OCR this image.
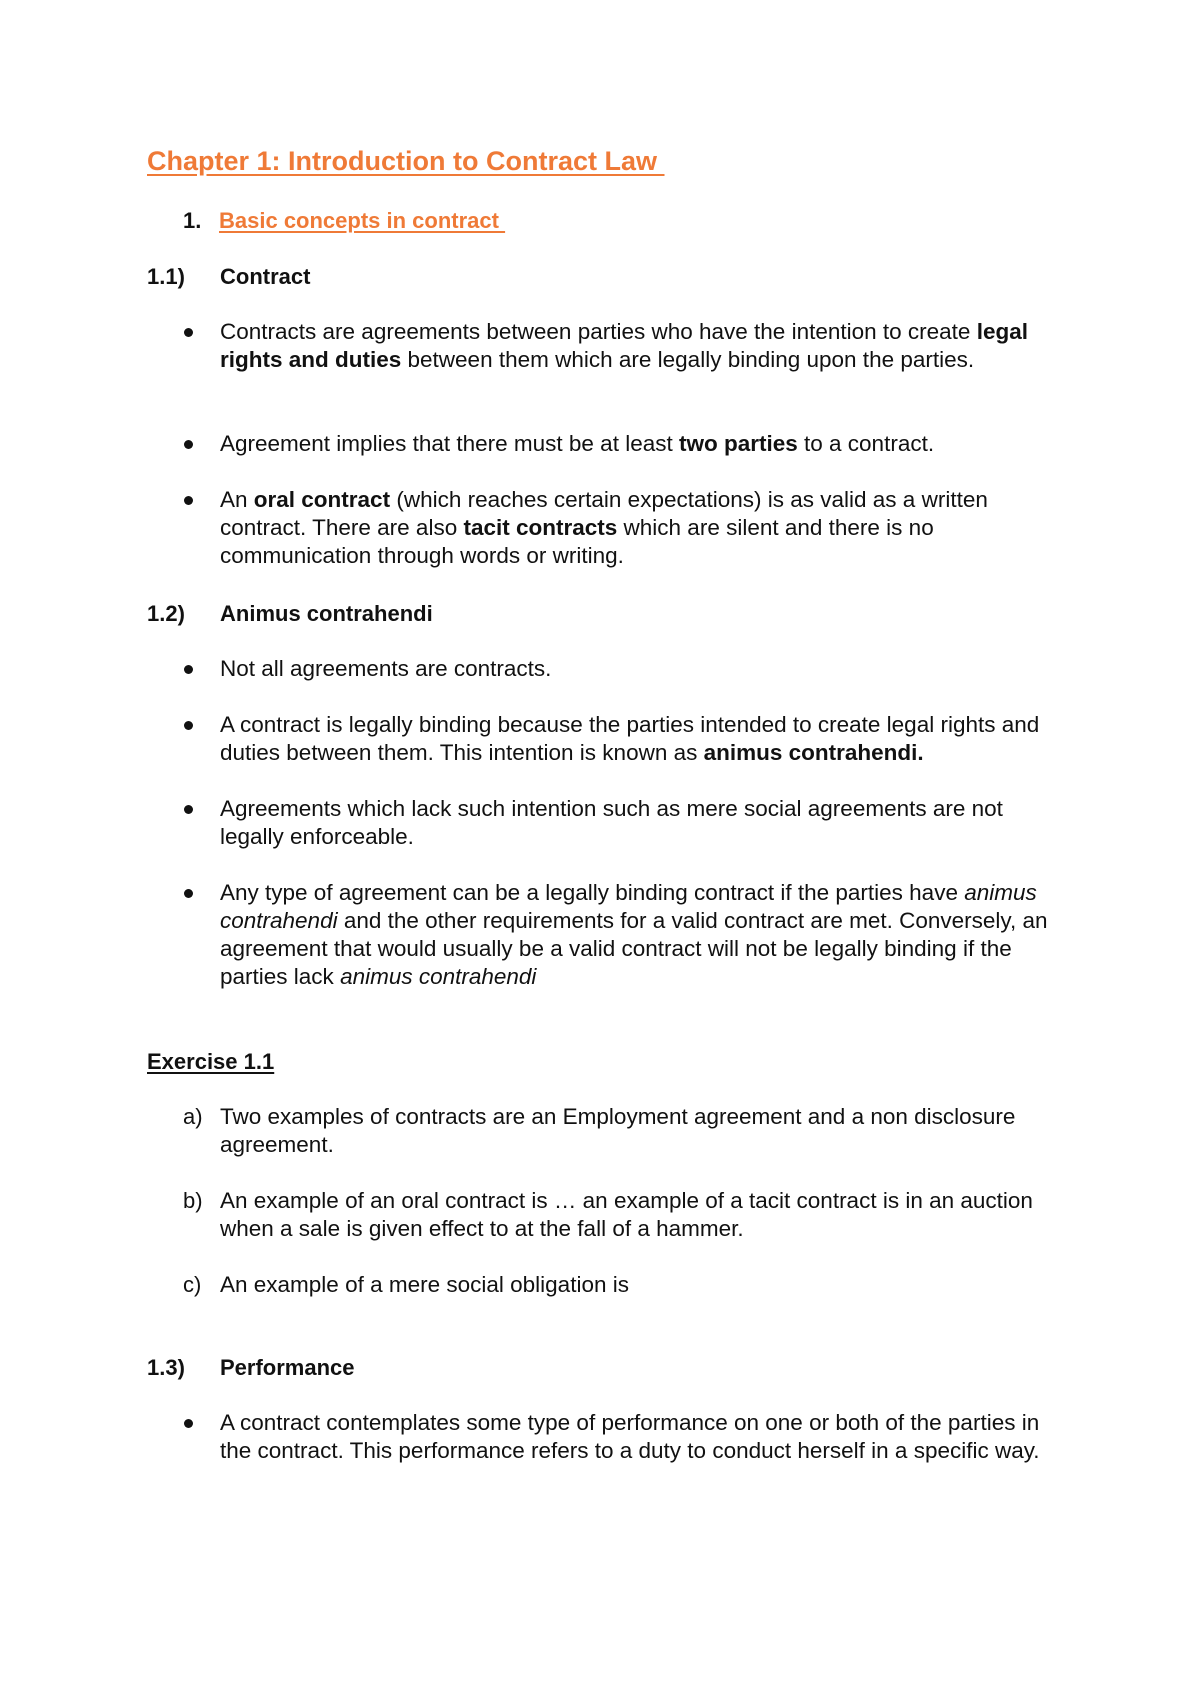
Chapter 1: Introduction to Contract Law
1. Basic concepts in contract
1.1) Contract

Contracts are agreements between parties who have the intention to create legal rights and duties between them which are legally binding upon the parties.

Agreement implies that there must be at least two parties to a contract.

An oral contract (which reaches certain expectations) is as valid as a written contract. There are also tacit contracts which are silent and there is no communication through words or writing.

1.2) Animus contrahendi

Not all agreements are contracts.

A contract is legally binding because the parties intended to create legal rights and duties between them. This intention is known as animus contrahendi.

Agreements which lack such intention such as mere social agreements are not legally enforceable.

Any type of agreement can be a legally binding contract if the parties have animus contrahendi and the other requirements for a valid contract are met. Conversely, an agreement that would usually be a valid contract will not be legally binding if the parties lack animus contrahendi

Exercise 1.1
a) Two examples of contracts are an Employment agreement and a non disclosure agreement.

b) An example of an oral contract is … an example of a tacit contract is in an auction when a sale is given effect to at the fall of a hammer.

c) An example of a mere social obligation is

1.3) Performance

A contract contemplates some type of performance on one or both of the parties in the contract. This performance refers to a duty to conduct herself in a specific way.
